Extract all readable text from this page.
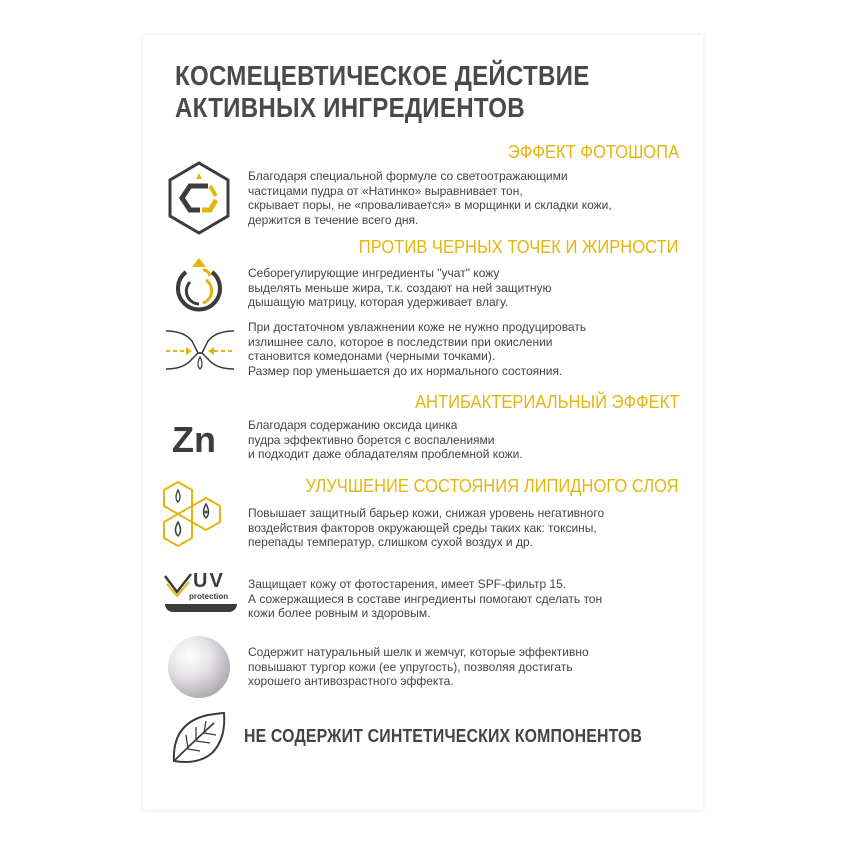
КОСМЕЦЕВТИЧЕСКОЕ ДЕЙСТВИЕ
АКТИВНЫХ ИНГРЕДИЕНТОВ
ЭФФЕКТ ФОТОШОПА

Благодаря специальной формуле со светоотражающими
частицами пудра от «Натинко» выравнивает тон,
скрывает поры, не «проваливается» в морщинки и складки кожи,
держится в течение всего дня.

ПРОТИВ ЧЕРНЫХ ТОЧЕК И ЖИРНОСТИ

Себорегулирующие ингредиенты "учат" кожу
выделять меньше жира, т.к. создают на ней защитную
дышащую матрицу, которая удерживает влагу.

При достаточном увлажнении коже не нужно продуцировать
излишнее сало, которое в последствии при окислении
становится комедонами (черными точками).
Размер пор уменьшается до их нормального состояния.

АНТИБАКТЕРИАЛЬНЫЙ ЭФФЕКТ
Zn	Благодаря содержанию оксида цинка
пудра эффективно борется с воспалениями
и подходит даже обладателям проблемной кожи.

УЛУЧШЕНИЕ СОСТОЯНИЯ ЛИПИДНОГО СЛОЯ

Повышает защитный барьер кожи, снижая уровень негативного
воздействия факторов окружающей среды таких как: токсины,
перепады температур, слишком сухой воздух и др.

UV
protection

Защищает кожу от фотостарения, имеет SPF-фильтр 15.
А сожержащиеся в составе ингредиенты помогают сделать тон
кожи более ровным и здоровым.

Содержит натуральный шелк и жемчуг, которые эффективно
повышают тургор кожи (ее упругость), позволяя достигать
хорошего антивозрастного эффекта.

НЕ СОДЕРЖИТ СИНТЕТИЧЕСКИХ КОМПОНЕНТОВ
